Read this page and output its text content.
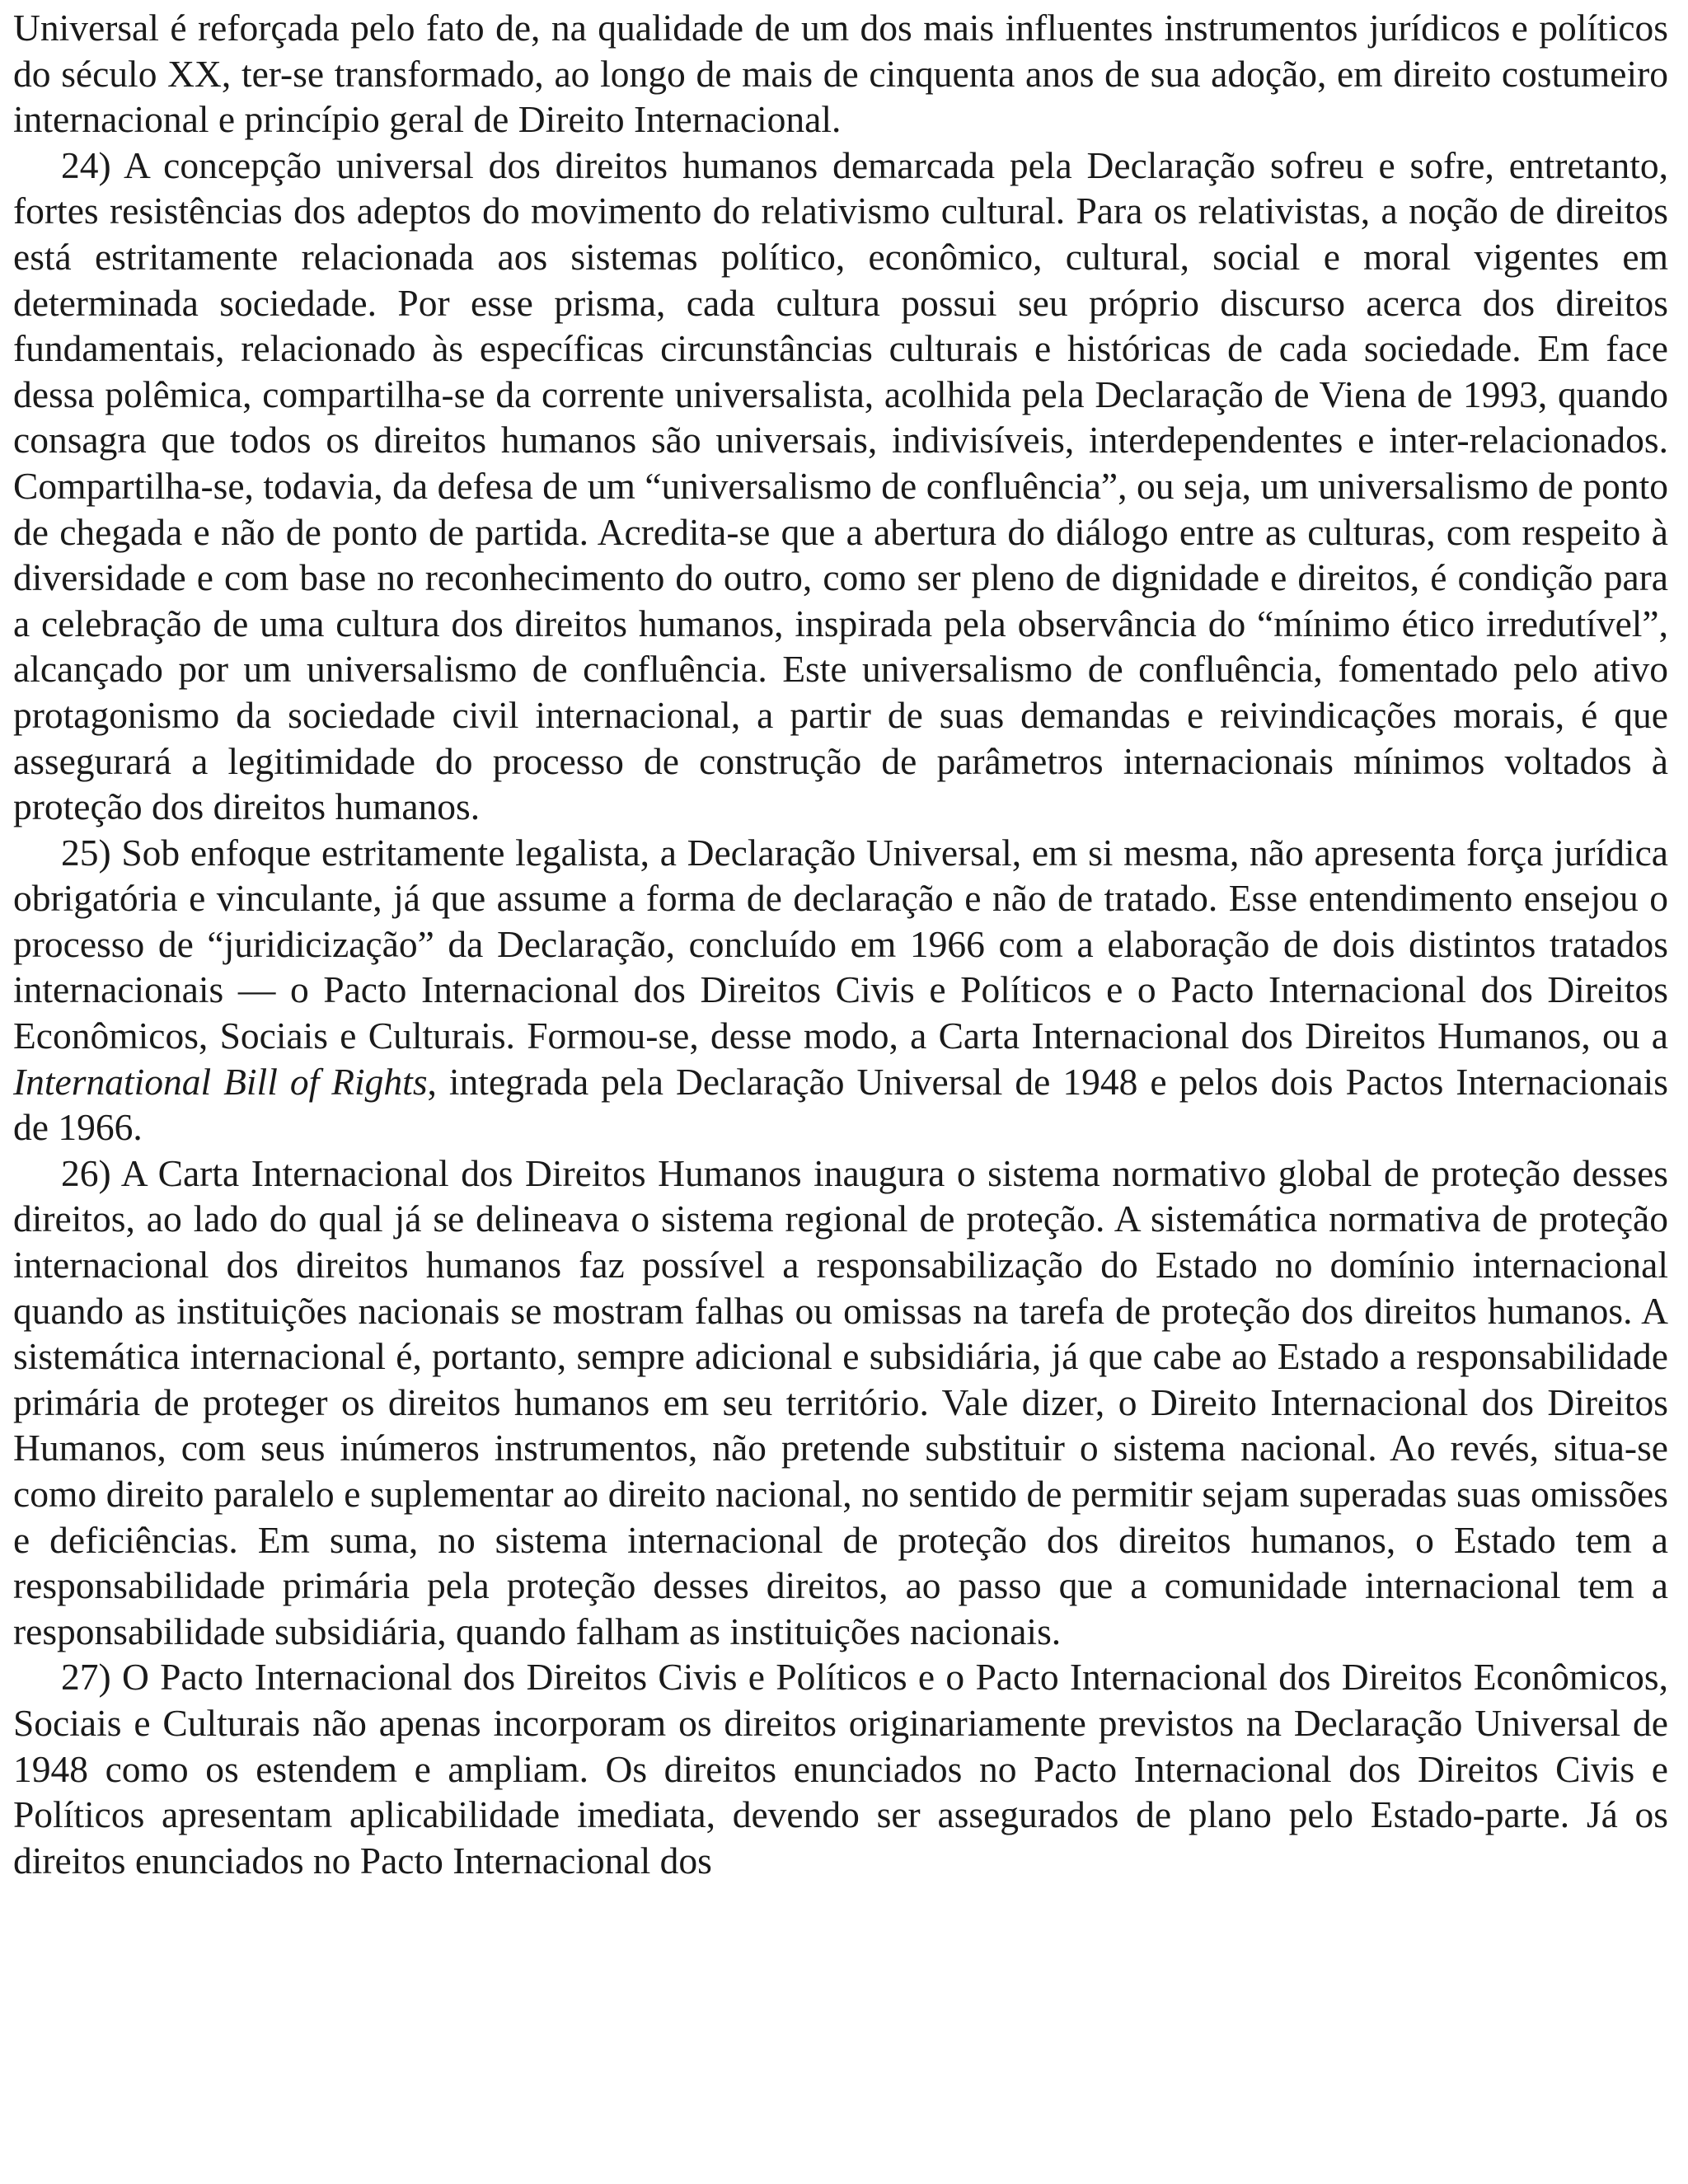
Universal é reforçada pelo fato de, na qualidade de um dos mais influentes instrumentos jurídicos e políticos do século XX, ter-se transformado, ao longo de mais de cinquenta anos de sua adoção, em direito costumeiro internacional e princípio geral de Direito Internacional.

24) A concepção universal dos direitos humanos demarcada pela Declaração sofreu e sofre, entretanto, fortes resistências dos adeptos do movimento do relativismo cultural. Para os relativistas, a noção de direitos está estritamente relacionada aos sistemas político, econômico, cultural, social e moral vigentes em determinada sociedade. Por esse prisma, cada cultura possui seu próprio discurso acerca dos direitos fundamentais, relacionado às específicas circunstâncias culturais e históricas de cada sociedade. Em face dessa polêmica, compartilha-se da corrente universalista, acolhida pela Declaração de Viena de 1993, quando consagra que todos os direitos humanos são universais, indivisíveis, interdependentes e inter-relacionados. Compartilha-se, todavia, da defesa de um “universalismo de confluência”, ou seja, um universalismo de ponto de chegada e não de ponto de partida. Acredita-se que a abertura do diálogo entre as culturas, com respeito à diversidade e com base no reconhecimento do outro, como ser pleno de dignidade e direitos, é condição para a celebração de uma cultura dos direitos humanos, inspirada pela observância do “mínimo ético irredutível”, alcançado por um universalismo de confluência. Este universalismo de confluência, fomentado pelo ativo protagonismo da sociedade civil internacional, a partir de suas demandas e reivindicações morais, é que assegurará a legitimidade do processo de construção de parâmetros internacionais mínimos voltados à proteção dos direitos humanos.

25) Sob enfoque estritamente legalista, a Declaração Universal, em si mesma, não apresenta força jurídica obrigatória e vinculante, já que assume a forma de declaração e não de tratado. Esse entendimento ensejou o processo de “juridicização” da Declaração, concluído em 1966 com a elaboração de dois distintos tratados internacionais — o Pacto Internacional dos Direitos Civis e Políticos e o Pacto Internacional dos Direitos Econômicos, Sociais e Culturais. Formou-se, desse modo, a Carta Internacional dos Direitos Humanos, ou a International Bill of Rights, integrada pela Declaração Universal de 1948 e pelos dois Pactos Internacionais de 1966.

26) A Carta Internacional dos Direitos Humanos inaugura o sistema normativo global de proteção desses direitos, ao lado do qual já se delineava o sistema regional de proteção. A sistemática normativa de proteção internacional dos direitos humanos faz possível a responsabilização do Estado no domínio internacional quando as instituições nacionais se mostram falhas ou omissas na tarefa de proteção dos direitos humanos. A sistemática internacional é, portanto, sempre adicional e subsidiária, já que cabe ao Estado a responsabilidade primária de proteger os direitos humanos em seu território. Vale dizer, o Direito Internacional dos Direitos Humanos, com seus inúmeros instrumentos, não pretende substituir o sistema nacional. Ao revés, situa-se como direito paralelo e suplementar ao direito nacional, no sentido de permitir sejam superadas suas omissões e deficiências. Em suma, no sistema internacional de proteção dos direitos humanos, o Estado tem a responsabilidade primária pela proteção desses direitos, ao passo que a comunidade internacional tem a responsabilidade subsidiária, quando falham as instituições nacionais.

27) O Pacto Internacional dos Direitos Civis e Políticos e o Pacto Internacional dos Direitos Econômicos, Sociais e Culturais não apenas incorporam os direitos originariamente previstos na Declaração Universal de 1948 como os estendem e ampliam. Os direitos enunciados no Pacto Internacional dos Direitos Civis e Políticos apresentam aplicabilidade imediata, devendo ser assegurados de plano pelo Estado-parte. Já os direitos enunciados no Pacto Internacional dos
